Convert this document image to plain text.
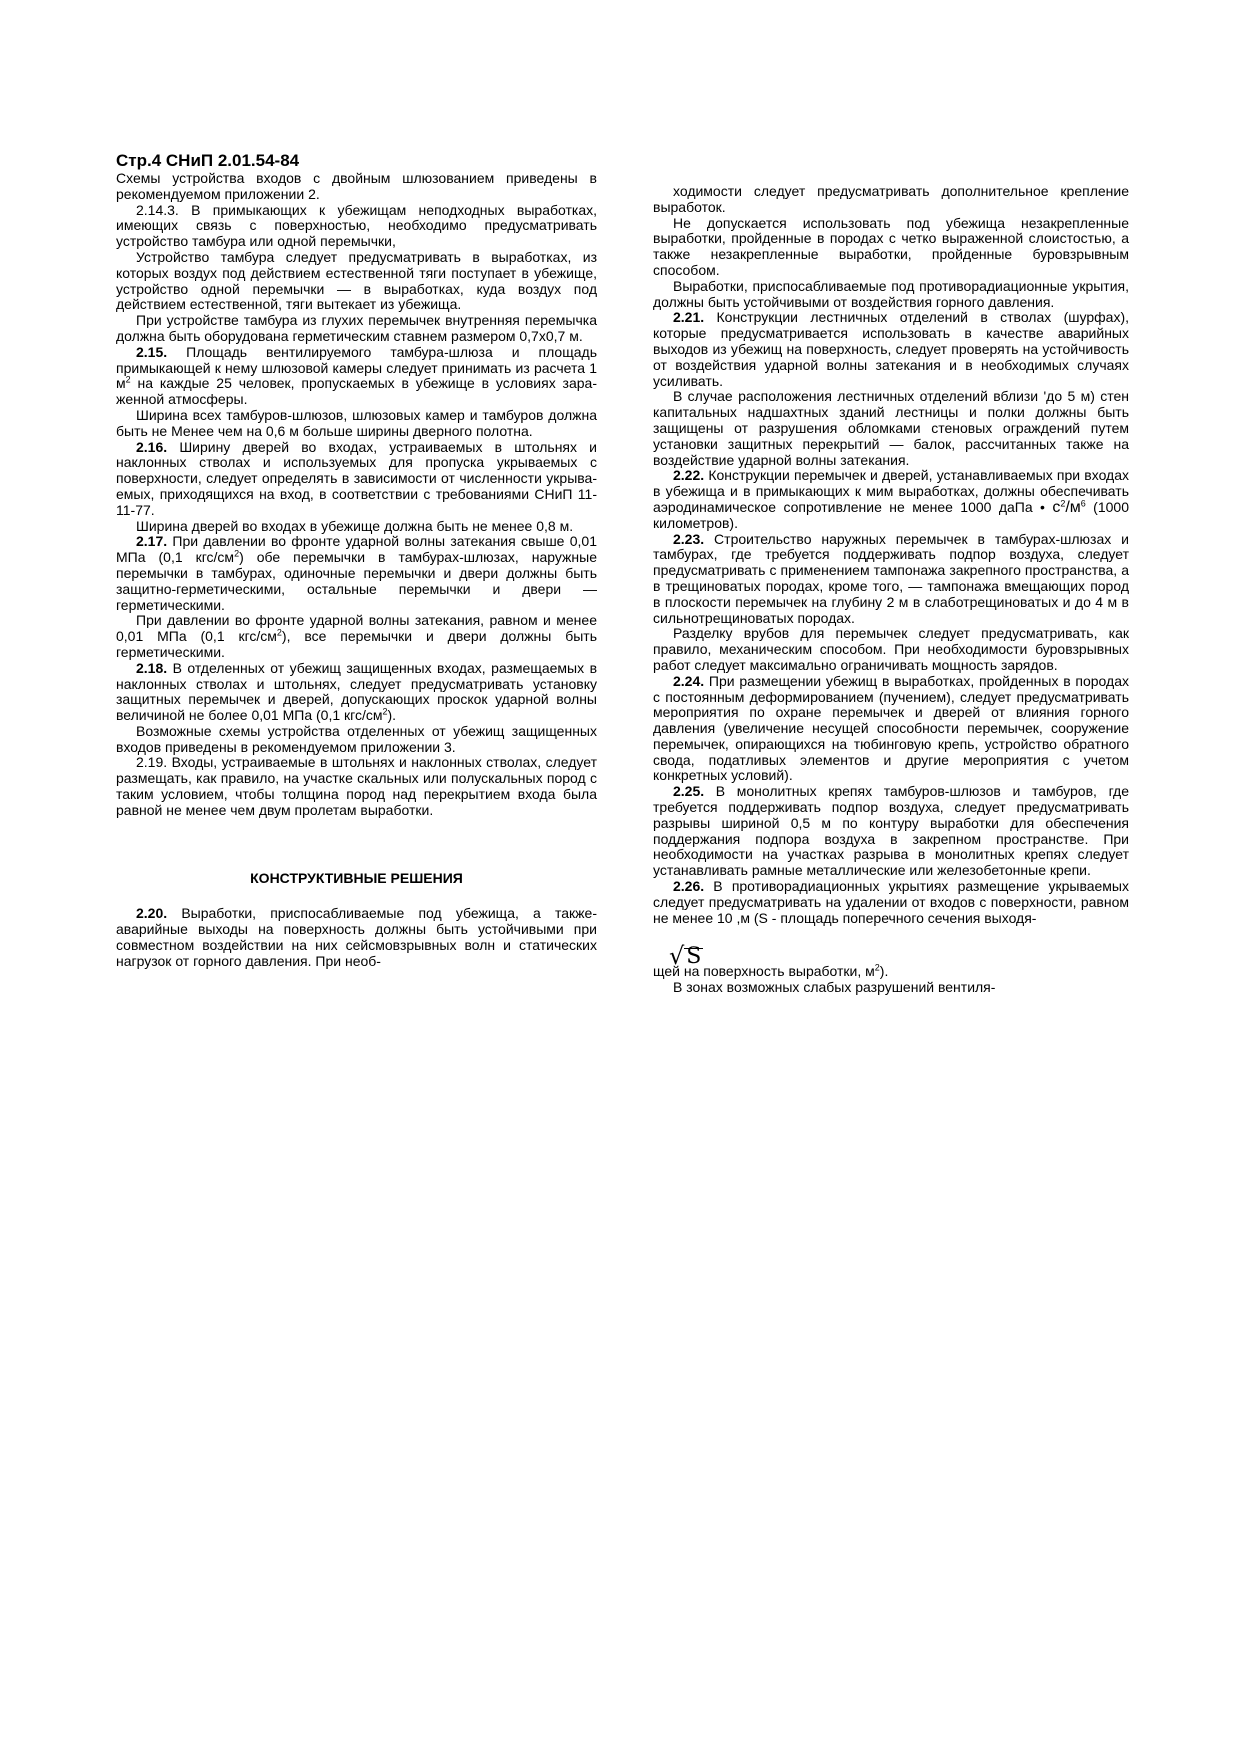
Стр.4 СНиП 2.01.54-84

Схемы устройства входов с двойным шлюзованием приведены в рекомендуемом приложении 2.

2.14.3. В примыкающих к убежищам неподходных выработках, имеющих связь с поверхностью, необходимо предусматривать устройство тамбура или одной перемычки,

Устройство тамбура следует предусматривать в выработках, из которых воздух под действием естественной тяги поступает в убежище, устройство одной перемычки — в выработках, куда воздух под действием естественной, тяги вытекает из убежища.

При устройстве тамбура из глухих перемычек внутренняя перемычка должна быть оборудована герметическим ставнем размером 0,7х0,7 м.

2.15. Площадь вентилируемого тамбура-шлюза и площадь примыкающей к нему шлюзовой камеры следует принимать из расчета 1 $м^2$ на каждые 25 человек, пропускаемых в убежище в условиях зараженной атмосферы.

Ширина всех тамбуров-шлюзов, шлюзовых камер и тамбуров должна быть не Менее чем на 0,6 м больше ширины дверного полотна.

2.16. Ширину дверей во входах, устраиваемых в штольнях и наклонных стволах и используемых для пропуска укрываемых с поверхности, следует определять в зависимости от численности укрываемых, приходящихся на вход, в соответствии с требованиями СНиП 11-11-77.

Ширина дверей во входах в убежище должна быть не менее 0,8 м.

2.17. При давлении во фронте ударной волны затекания свыше 0,01 МПа (0,1 кгс/$см^2$) обе перемычки в тамбурах-шлюзах, наружные перемычки в тамбурах, одиночные перемычки и двери должны быть защитно-герметическими, остальные перемычки и двери — герметическими.

При давлении во фронте ударной волны затекания, равном и менее 0,01 МПа (0,1 кгс/$см^2$), все перемычки и двери должны быть герметическими.

2.18. В отделенных от убежищ защищенных входах, размещаемых в наклонных стволах и штольнях, следует предусматривать установку защитных перемычек и дверей, допускающих проскок ударной волны величиной не более 0,01 МПа (0,1 кгс/$см^2$).

Возможные схемы устройства отделенных от убежищ защищенных входов приведены в рекомендуемом приложении 3.

2.19. Входы, устраиваемые в штольнях и наклонных стволах, следует размещать, как правило, на участке скальных или полускальных пород с таким условием, чтобы толщина пород над перекрытием входа была равной не менее чем двум пролетам выработки.

КОНСТРУКТИВНЫЕ РЕШЕНИЯ

2.20. Выработки, приспосабливаемые под убежища, а также- аварийные выходы на поверхность должны быть устойчивыми при совместном воздействии на них сейсмовзрывных волн и статических нагрузок от горного давления. При необ-

ходимости следует предусматривать дополнительное крепление выработок.

Не допускается использовать под убежища незакрепленные выработки, пройденные в породах с четко выраженной слоистостью, а также незакрепленные выработки, пройденные буровзрывным способом.

Выработки, приспосабливаемые под противорадиационные укрытия, должны быть устойчивыми от воздействия горного давления.

2.21. Конструкции лестничных отделений в стволах (шурфах), которые предусматривается использовать в качестве аварийных выходов из убежищ на поверхность, следует проверять на устойчивость от воздействия ударной волны затекания и в необходимых случаях усиливать.

В случае расположения лестничных отделений вблизи 'до 5 м) стен капитальных надшахтных зданий лестницы и полки должны быть защищены от разрушения обломками стеновых ограждений путем установки защитных перекрытий — балок, рассчитанных также на воздействие ударной волны затекания.

2.22. Конструкции перемычек и дверей, устанавливаемых при входах в убежища и в примыкающих к мим выработках, должны обеспечивать аэродинамическое сопротивление не менее 1000 даПа • $с^2/м^6$ (1000 километров).

2.23. Строительство наружных перемычек в тамбурах-шлюзах и тамбурах, где требуется поддерживать подпор воздуха, следует предусматривать с применением тампонажа закрепного пространства, а в трещиноватых породах, кроме того, — тампонажа вмещающих пород в плоскости перемычек на глубину 2 м в слаботрещиноватых и до 4 м в сильнотрещиноватых породах.

Разделку врубов для перемычек следует предусматривать, как правило, механическим способом. При необходимости буровзрывных работ следует максимально ограничивать мощность зарядов.

2.24. При размещении убежищ в выработках, пройденных в породах с постоянным деформированием (пучением), следует предусматривать мероприятия по охране перемычек и дверей от влияния горного давления (увеличение несущей способности перемычек, сооружение перемычек, опирающихся на тюбинговую крепь, устройство обратного свода, податливых элементов и другие мероприятия с учетом конкретных условий).

2.25. В монолитных крепях тамбуров-шлюзов и тамбуров, где требуется поддерживать подпор воздуха, следует предусматривать разрывы шириной 0,5 м по контуру выработки для обеспечения поддержания подпора воздуха в закрепном пространстве. При необходимости на участках разрыва в монолитных крепях следует устанавливать рамные металлические или железобетонные крепи.

2.26. В противорадиационных укрытиях размещение укрываемых следует предусматривать на удалении от входов с поверхности, равном не менее 10 ,м (S - площадь поперечного сечения выходя-

√ S

щей на поверхность выработки, $м^2$).

В зонах возможных слабых разрушений вентиля-
